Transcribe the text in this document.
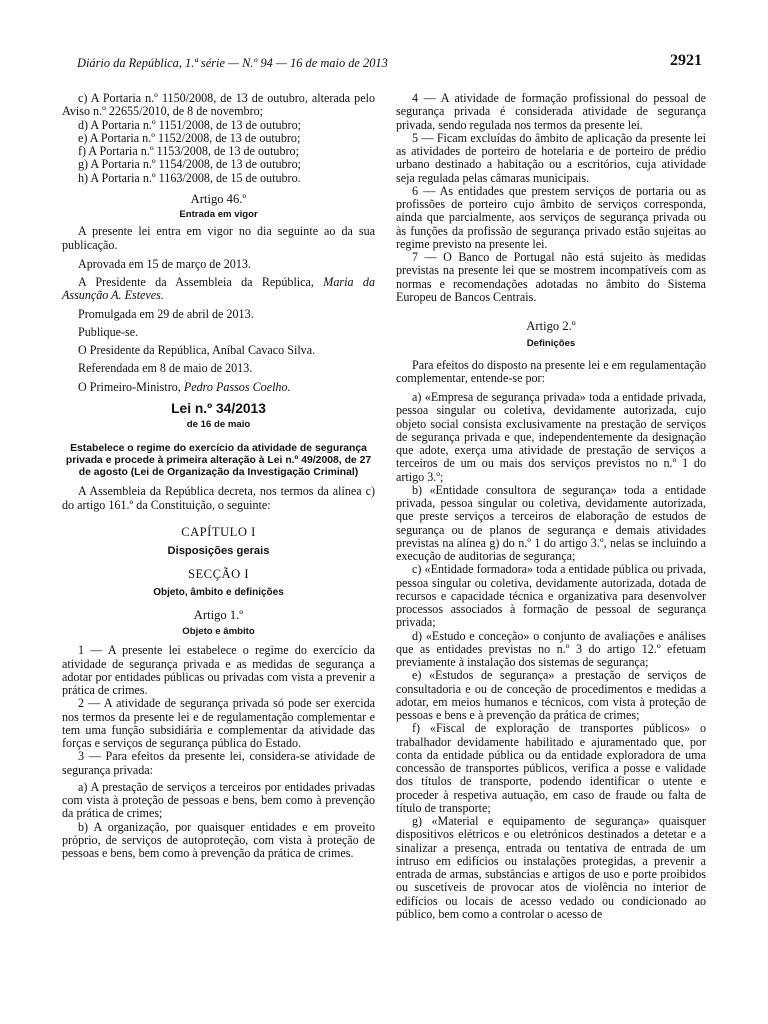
Diário da República, 1.ª série — N.º 94 — 16 de maio de 2013	2921

c) A Portaria n.º 1150/2008, de 13 de outubro, alterada pelo Aviso n.º 22655/2010, de 8 de novembro;

d) A Portaria n.º 1151/2008, de 13 de outubro;

e) A Portaria n.º 1152/2008, de 13 de outubro;

f) A Portaria n.º 1153/2008, de 13 de outubro;

g) A Portaria n.º 1154/2008, de 13 de outubro;

h) A Portaria n.º 1163/2008, de 15 de outubro.

Artigo 46.º

Entrada em vigor

A presente lei entra em vigor no dia seguinte ao da sua publicação.

Aprovada em 15 de março de 2013.

A Presidente da Assembleia da República, Maria da Assunção A. Esteves.

Promulgada em 29 de abril de 2013.

Publique-se.

O Presidente da República, Aníbal Cavaco Silva.

Referendada em 8 de maio de 2013.

O Primeiro-Ministro, Pedro Passos Coelho.

Lei n.º 34/2013

de 16 de maio

Estabelece o regime do exercício da atividade de segurança privada e procede à primeira alteração à Lei n.º 49/2008, de 27 de agosto (Lei de Organização da Investigação Criminal)

A Assembleia da República decreta, nos termos da alínea c) do artigo 161.º da Constituição, o seguinte:

CAPÍTULO I

Disposições gerais

SECÇÃO I

Objeto, âmbito e definições

Artigo 1.º

Objeto e âmbito

1 — A presente lei estabelece o regime do exercício da atividade de segurança privada e as medidas de segurança a adotar por entidades públicas ou privadas com vista a prevenir a prática de crimes.

2 — A atividade de segurança privada só pode ser exercida nos termos da presente lei e de regulamentação complementar e tem uma função subsidiária e complementar da atividade das forças e serviços de segurança pública do Estado.

3 — Para efeitos da presente lei, considera-se atividade de segurança privada:

a) A prestação de serviços a terceiros por entidades privadas com vista à proteção de pessoas e bens, bem como à prevenção da prática de crimes;

b) A organização, por quaisquer entidades e em proveito próprio, de serviços de autoproteção, com vista à proteção de pessoas e bens, bem como à prevenção da prática de crimes.

4 — A atividade de formação profissional do pessoal de segurança privada é considerada atividade de segurança privada, sendo regulada nos termos da presente lei.

5 — Ficam excluídas do âmbito de aplicação da presente lei as atividades de porteiro de hotelaria e de porteiro de prédio urbano destinado a habitação ou a escritórios, cuja atividade seja regulada pelas câmaras municipais.

6 — As entidades que prestem serviços de portaria ou as profissões de porteiro cujo âmbito de serviços corresponda, ainda que parcialmente, aos serviços de segurança privada ou às funções da profissão de segurança privado estão sujeitas ao regime previsto na presente lei.

7 — O Banco de Portugal não está sujeito às medidas previstas na presente lei que se mostrem incompatíveis com as normas e recomendações adotadas no âmbito do Sistema Europeu de Bancos Centrais.

Artigo 2.º

Definições

Para efeitos do disposto na presente lei e em regulamentação complementar, entende-se por:

a) «Empresa de segurança privada» toda a entidade privada, pessoa singular ou coletiva, devidamente autorizada, cujo objeto social consista exclusivamente na prestação de serviços de segurança privada e que, independentemente da designação que adote, exerça uma atividade de prestação de serviços a terceiros de um ou mais dos serviços previstos no n.º 1 do artigo 3.º;

b) «Entidade consultora de segurança» toda a entidade privada, pessoa singular ou coletiva, devidamente autorizada, que preste serviços a terceiros de elaboração de estudos de segurança ou de planos de segurança e demais atividades previstas na alínea g) do n.º 1 do artigo 3.º, nelas se incluindo a execução de auditorias de segurança;

c) «Entidade formadora» toda a entidade pública ou privada, pessoa singular ou coletiva, devidamente autorizada, dotada de recursos e capacidade técnica e organizativa para desenvolver processos associados à formação de pessoal de segurança privada;

d) «Estudo e conceção» o conjunto de avaliações e análises que as entidades previstas no n.º 3 do artigo 12.º efetuam previamente à instalação dos sistemas de segurança;

e) «Estudos de segurança» a prestação de serviços de consultadoria e ou de conceção de procedimentos e medidas a adotar, em meios humanos e técnicos, com vista à proteção de pessoas e bens e à prevenção da prática de crimes;

f) «Fiscal de exploração de transportes públicos» o trabalhador devidamente habilitado e ajuramentado que, por conta da entidade pública ou da entidade exploradora de uma concessão de transportes públicos, verifica a posse e validade dos títulos de transporte, podendo identificar o utente e proceder à respetiva autuação, em caso de fraude ou falta de título de transporte;

g) «Material e equipamento de segurança» quaisquer dispositivos elétricos e ou eletrónicos destinados a detetar e a sinalizar a presença, entrada ou tentativa de entrada de um intruso em edifícios ou instalações protegidas, a prevenir a entrada de armas, substâncias e artigos de uso e porte proibidos ou suscetíveis de provocar atos de violência no interior de edifícios ou locais de acesso vedado ou condicionado ao público, bem como a controlar o acesso de
